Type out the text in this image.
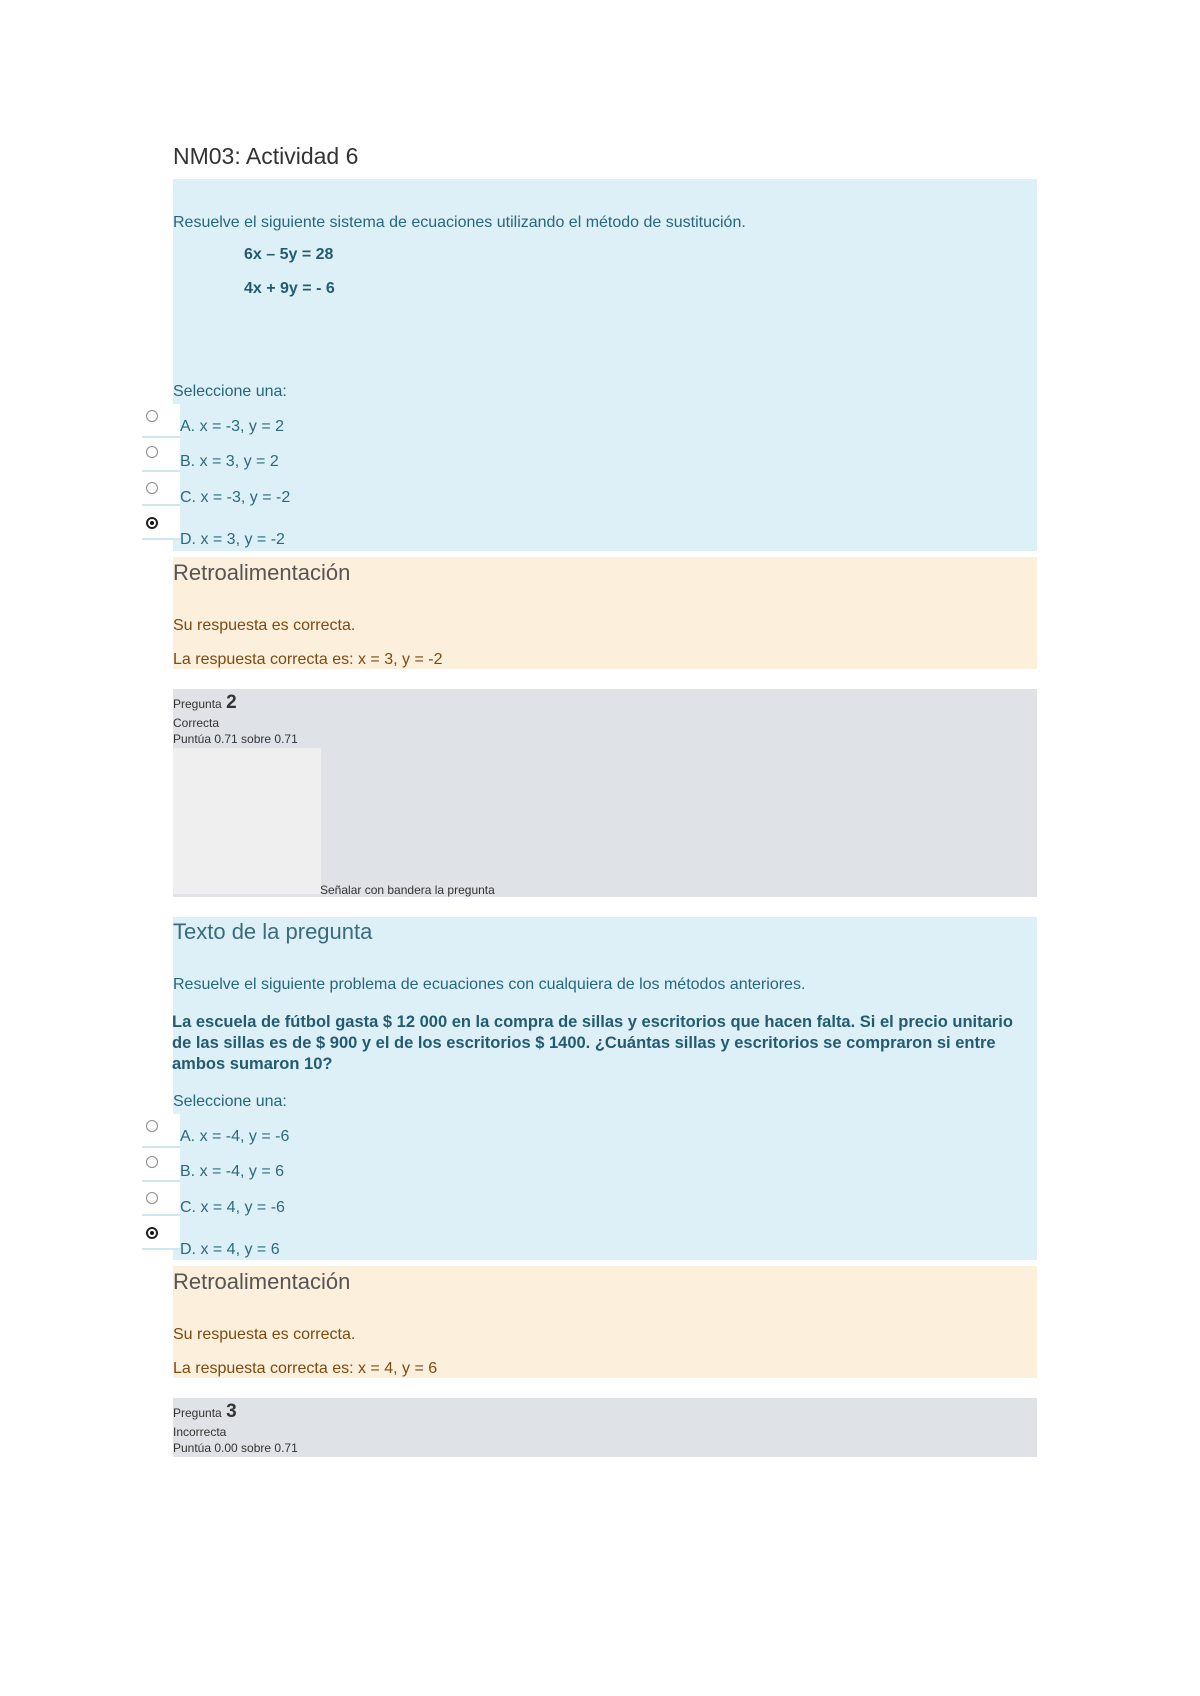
NM03: Actividad 6
Resuelve el siguiente sistema de ecuaciones utilizando el método de sustitución.
6x – 5y = 28
4x + 9y = - 6
Seleccione una:
A. x = -3, y = 2
B. x = 3, y = 2
C. x = -3, y = -2
D. x = 3, y = -2
Retroalimentación
Su respuesta es correcta.
La respuesta correcta es: x = 3, y = -2
Pregunta 2
Correcta
Puntúa 0.71 sobre 0.71
Señalar con bandera la pregunta
Texto de la pregunta
Resuelve el siguiente problema de ecuaciones con cualquiera de los métodos anteriores.
La escuela de fútbol gasta $ 12 000 en la compra de sillas y escritorios que hacen falta. Si el precio unitario de las sillas es de $ 900 y el de los escritorios $ 1400. ¿Cuántas sillas y escritorios se compraron si entre ambos sumaron 10?
Seleccione una:
A. x = -4, y = -6
B. x = -4, y = 6
C. x = 4, y = -6
D. x = 4, y = 6
Retroalimentación
Su respuesta es correcta.
La respuesta correcta es: x = 4, y = 6
Pregunta 3
Incorrecta
Puntúa 0.00 sobre 0.71
